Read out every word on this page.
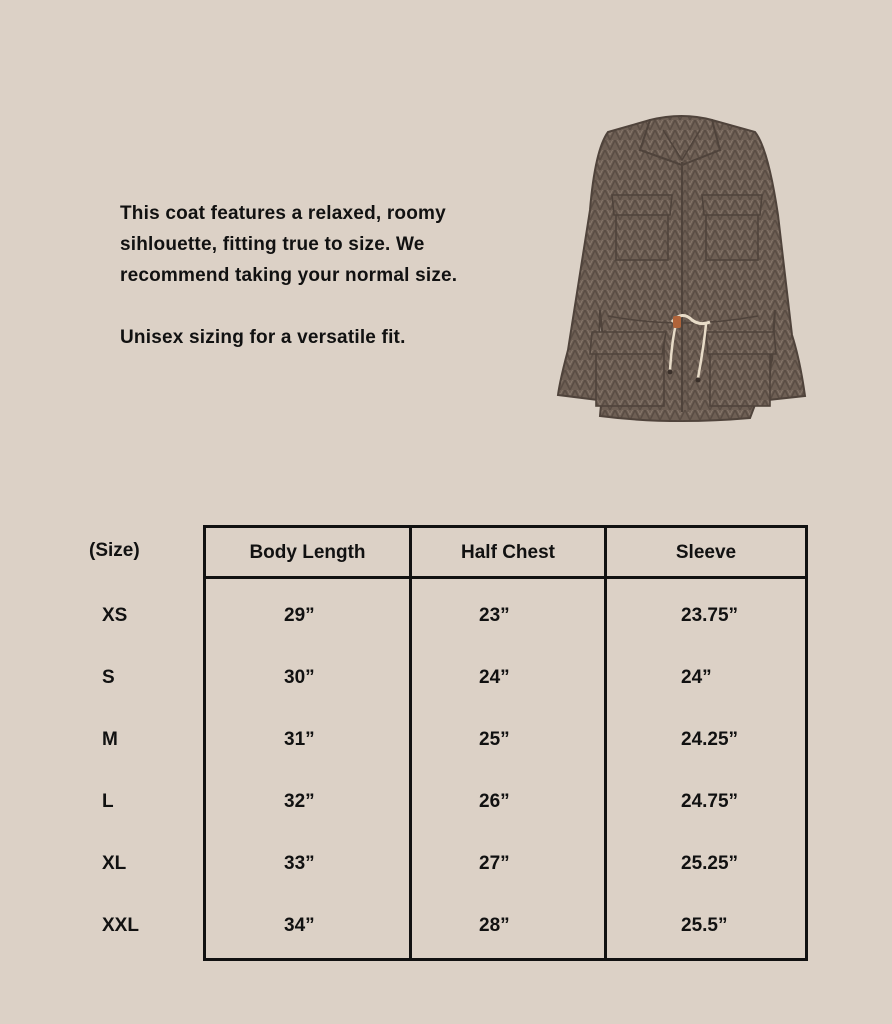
This coat features a relaxed, roomy sihlouette, fitting true to size. We recommend taking your normal size.

Unisex sizing for a versatile fit.

(Size)	Body Length	Half Chest	Sleeve
XS	29”	23”	23.75”
S	30”	24”	24”
M	31”	25”	24.25”
L	32”	26”	24.75”
XL	33”	27”	25.25”
XXL	34”	28”	25.5”
